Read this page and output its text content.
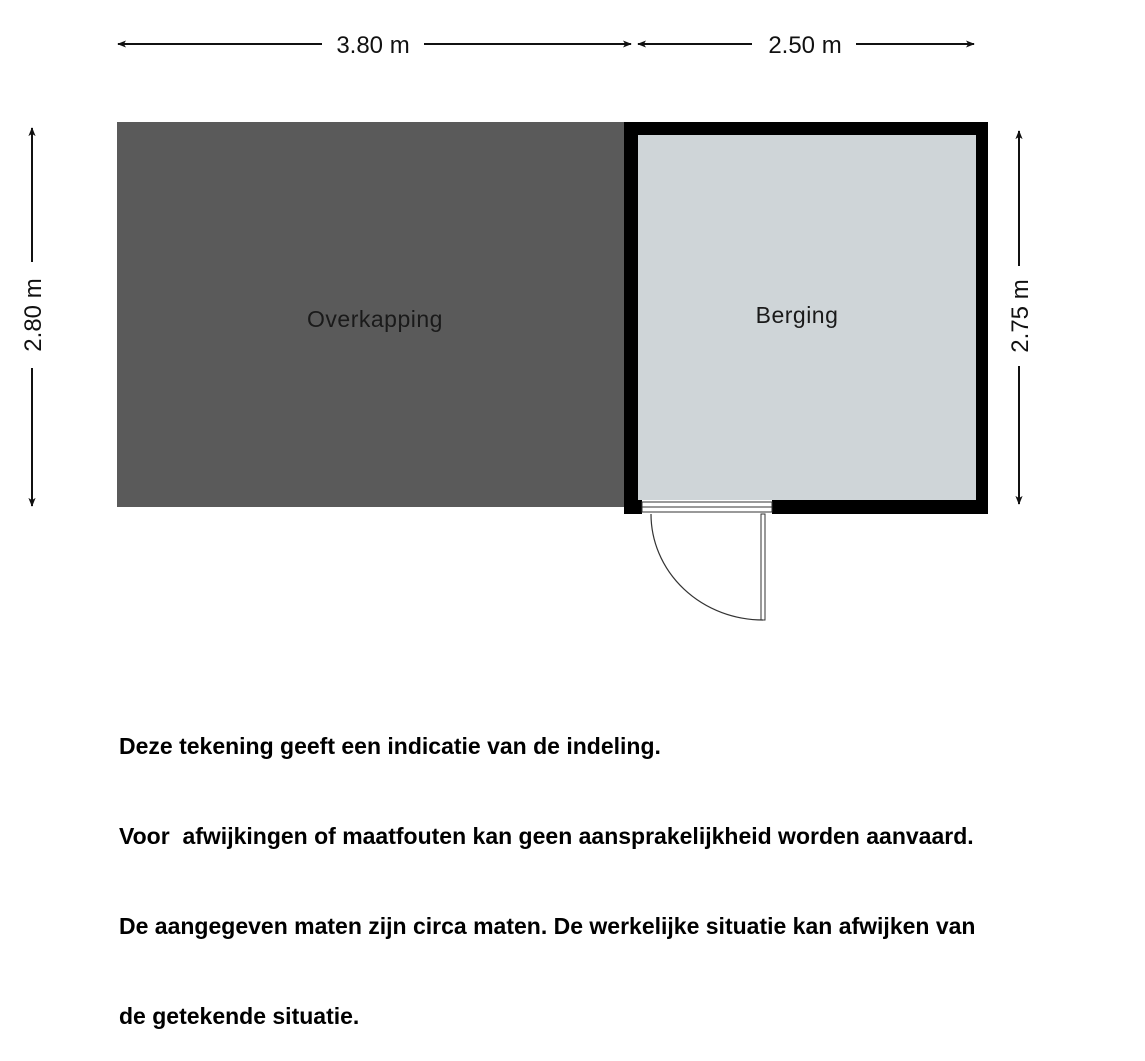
3.80 m	2.50 m
2.80 m	2.75 m
Overkapping	Berging

Deze tekening geeft een indicatie van de indeling.

Voor  afwijkingen of maatfouten kan geen aansprakelijkheid worden aanvaard.

De aangegeven maten zijn circa maten. De werkelijke situatie kan afwijken van

de getekende situatie.
